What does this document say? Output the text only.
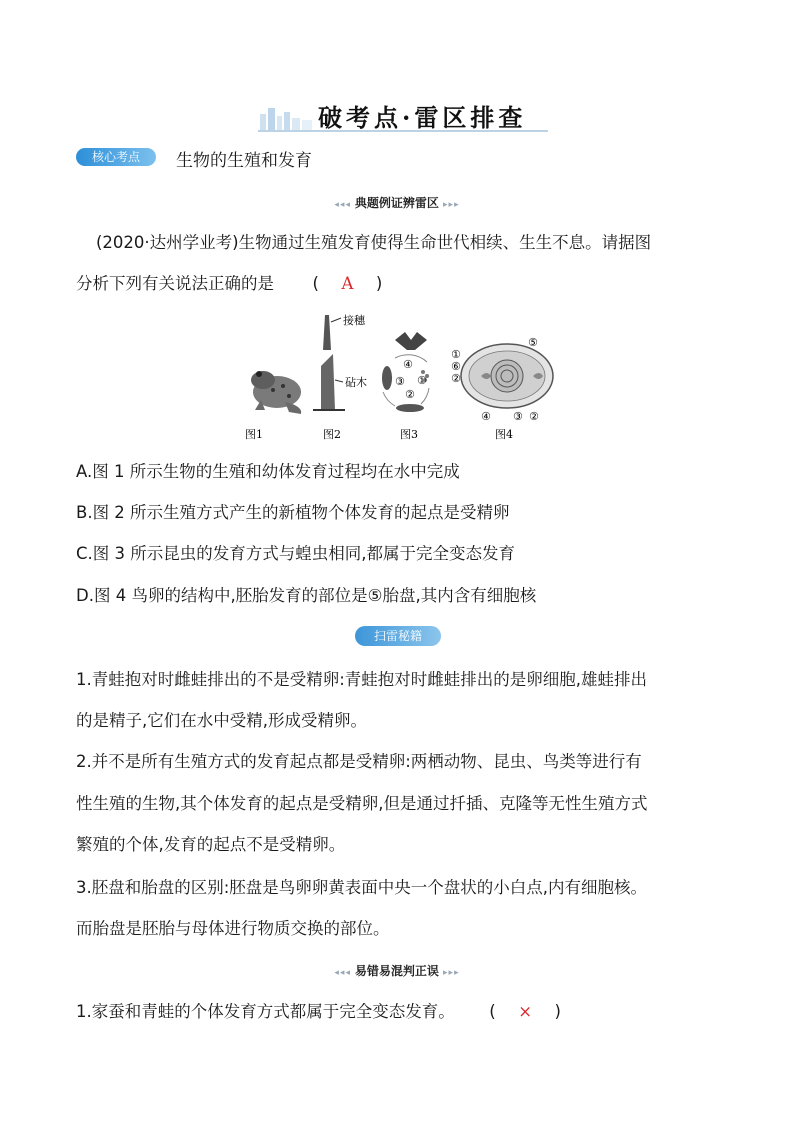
破考点·雷区排查
核心考点	生物的生殖和发育
◂◂◂ 典题例证辨雷区 ▸▸▸
(2020·达州学业考)生物通过生殖发育使得生命世代相续、生生不息。请据图
分析下列有关说法正确的是 ( A )
接穗
砧木
④
③ ①
②
①
⑥
②
⑤
④ ③ ②
图1	图2	图3	图4
A.图 1 所示生物的生殖和幼体发育过程均在水中完成
B.图 2 所示生殖方式产生的新植物个体发育的起点是受精卵
C.图 3 所示昆虫的发育方式与蝗虫相同,都属于完全变态发育
D.图 4 鸟卵的结构中,胚胎发育的部位是⑤胎盘,其内含有细胞核
扫雷秘籍
1.青蛙抱对时雌蛙排出的不是受精卵:青蛙抱对时雌蛙排出的是卵细胞,雄蛙排出
的是精子,它们在水中受精,形成受精卵。
2.并不是所有生殖方式的发育起点都是受精卵:两栖动物、昆虫、鸟类等进行有
性生殖的生物,其个体发育的起点是受精卵,但是通过扦插、克隆等无性生殖方式
繁殖的个体,发育的起点不是受精卵。
3.胚盘和胎盘的区别:胚盘是鸟卵卵黄表面中央一个盘状的小白点,内有细胞核。
而胎盘是胚胎与母体进行物质交换的部位。
◂◂◂ 易错易混判正误 ▸▸▸
1.家蚕和青蛙的个体发育方式都属于完全变态发育。 ( × )
